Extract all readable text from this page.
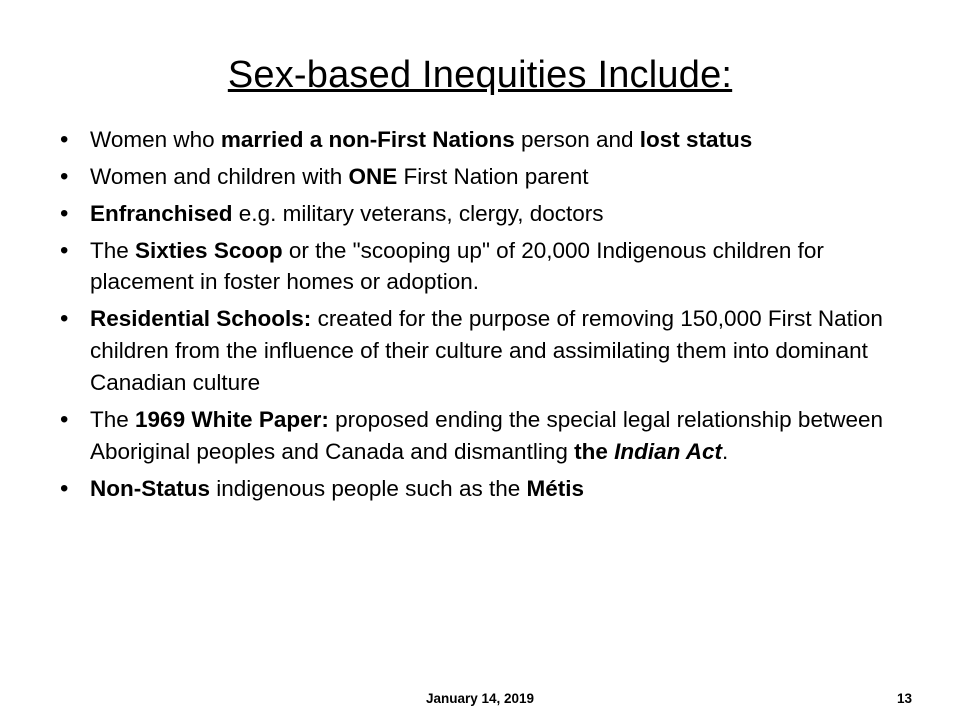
Sex-based Inequities Include:
• Women who married a non-First Nations person and lost status
• Women and children with ONE First Nation parent
• Enfranchised e.g. military veterans, clergy, doctors
• The Sixties Scoop or the "scooping up" of 20,000 Indigenous children for placement in foster homes or adoption.
• Residential Schools: created for the purpose of removing 150,000 First Nation children from the influence of their culture and assimilating them into dominant Canadian culture
• The 1969 White Paper: proposed ending the special legal relationship between Aboriginal peoples and Canada and dismantling the Indian Act.
• Non-Status indigenous people such as the Métis
January 14, 2019	13
